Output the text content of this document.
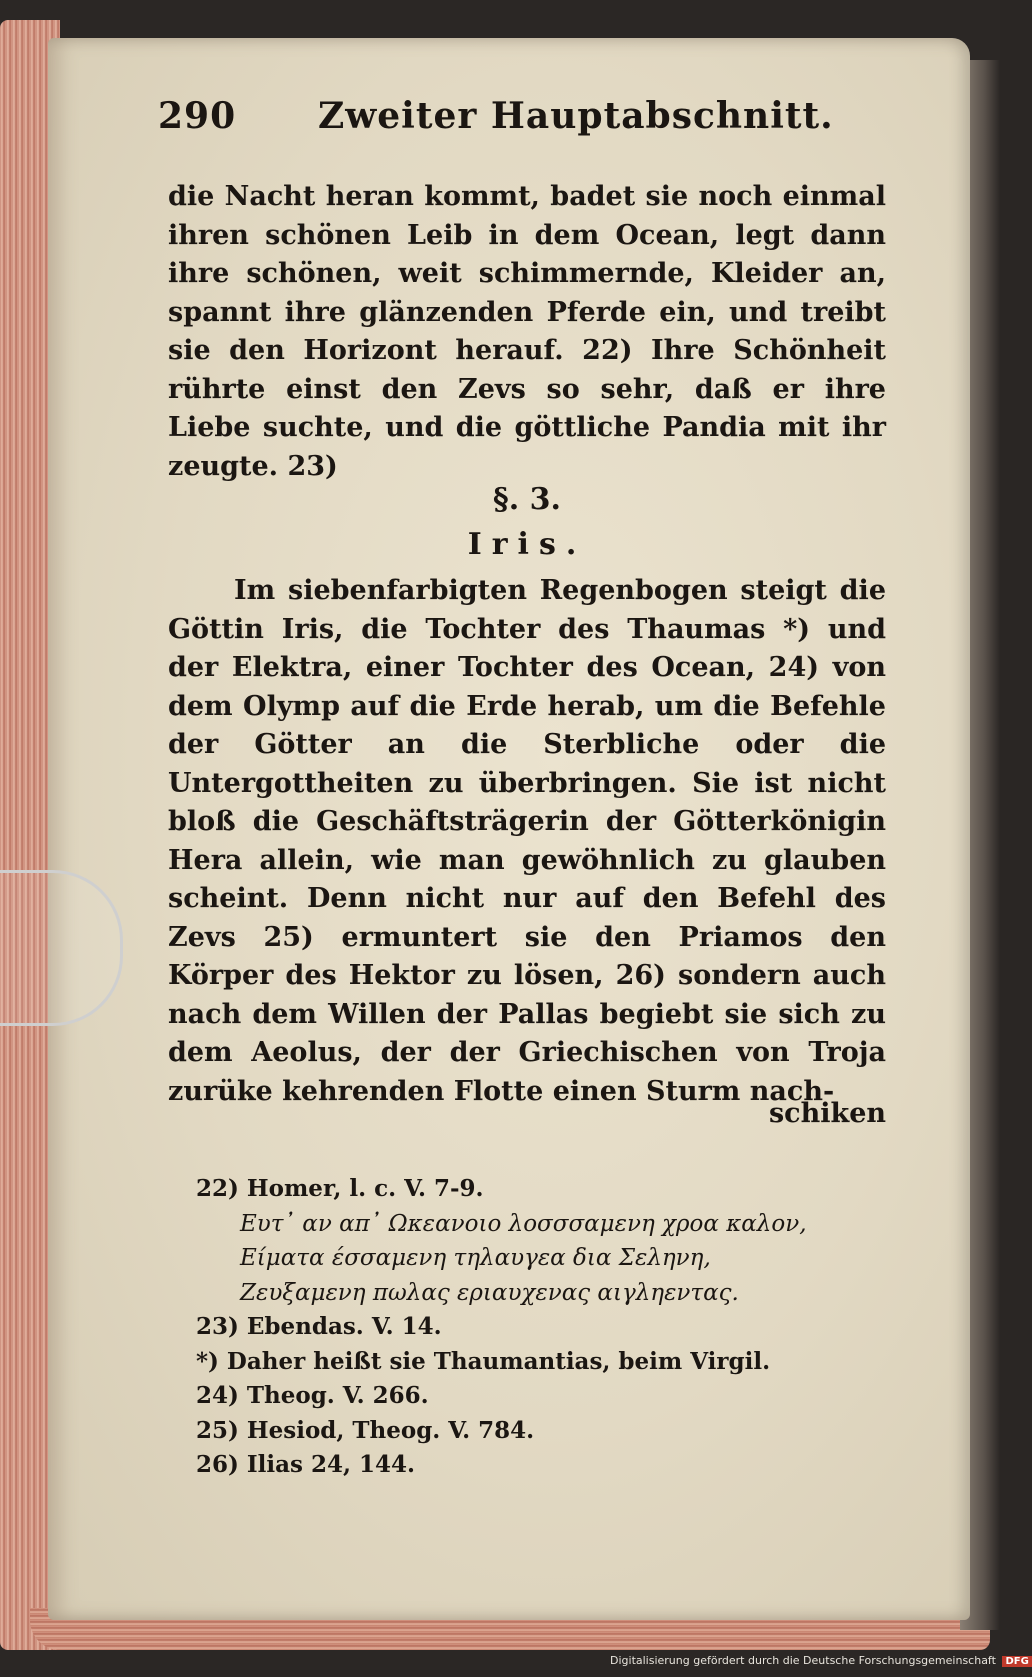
290 Zweiter Hauptabschnitt.
die Nacht heran kommt, badet sie noch einmal ihren schönen Leib in dem Ocean, legt dann ihre schönen, weit schimmernde, Kleider an, spannt ihre glänzenden Pferde ein, und treibt sie den Horizont herauf. 22) Ihre Schönheit rührte einst den Zevs so sehr, daß er ihre Liebe suchte, und die göttliche Pandia mit ihr zeugte. 23)
§. 3.
Iris.
Im siebenfarbigten Regenbogen steigt die Göttin Iris, die Tochter des Thaumas *) und der Elektra, einer Tochter des Ocean, 24) von dem Olymp auf die Erde herab, um die Befehle der Götter an die Sterbliche oder die Untergottheiten zu überbringen. Sie ist nicht bloß die Geschäftsträgerin der Götterkönigin Hera allein, wie man gewöhnlich zu glauben scheint. Denn nicht nur auf den Befehl des Zevs 25) ermuntert sie den Priamos den Körper des Hektor zu lösen, 26) sondern auch nach dem Willen der Pallas begiebt sie sich zu dem Aeolus, der der Griechischen von Troja zurüke kehrenden Flotte einen Sturm nach-
schiken
22) Homer, l. c. V. 7-9.
Ευτ᾽ αν απ᾽ Ωκεανοιο λοσσσαμενη χροα καλον,
Είματα έσσαμενη τηλαυγεα δια Σεληνη,
Ζευξαμενη πωλας εριαυχενας αιγληεντας.
23) Ebendas. V. 14.
*) Daher heißt sie Thaumantias, beim Virgil.
24) Theog. V. 266.
25) Hesiod, Theog. V. 784.
26) Ilias 24, 144.
Digitalisierung gefördert durch die Deutsche Forschungsgemeinschaft DFG
